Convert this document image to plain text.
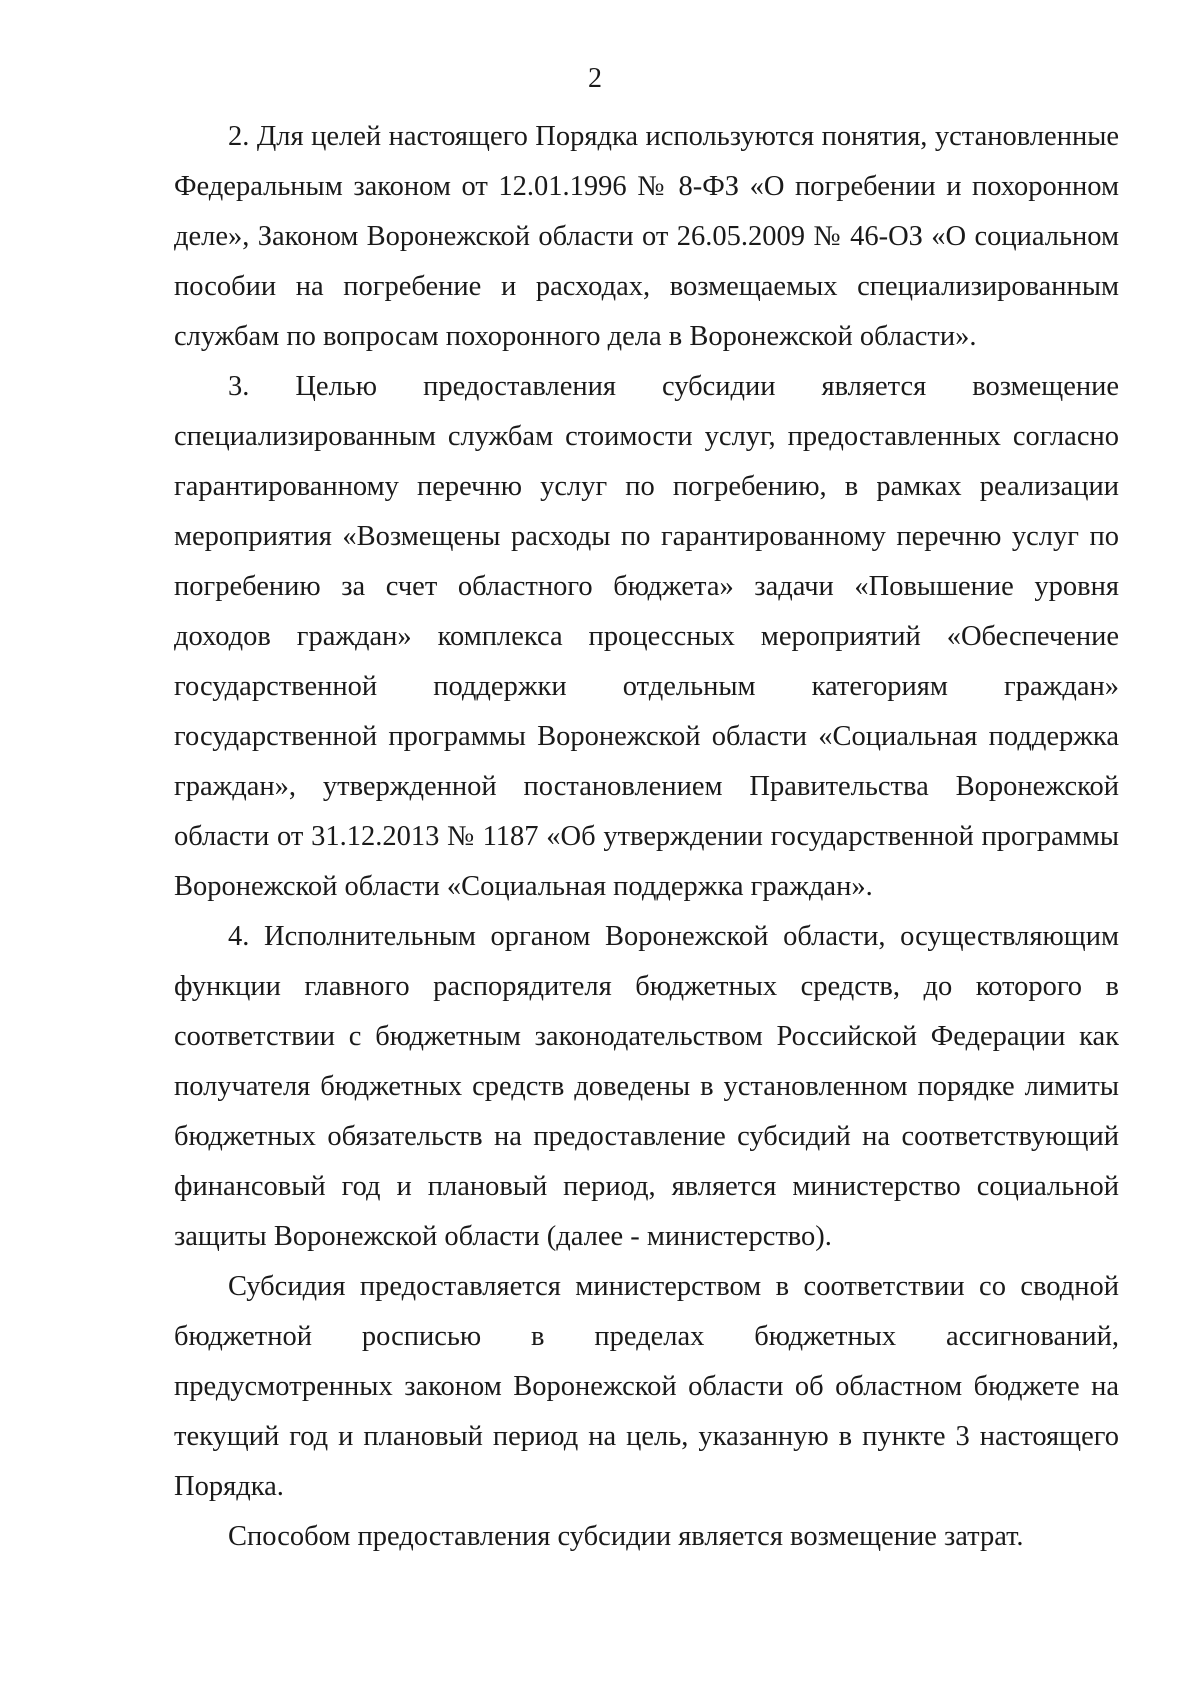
2

2. Для целей настоящего Порядка используются понятия, установленные Федеральным законом от 12.01.1996 № 8-ФЗ «О погребении и похоронном деле», Законом Воронежской области от 26.05.2009 № 46-ОЗ «О социальном пособии на погребение и расходах, возмещаемых специализированным службам по вопросам похоронного дела в Воронежской области».

3. Целью предоставления субсидии является возмещение специализированным службам стоимости услуг, предоставленных согласно гарантированному перечню услуг по погребению, в рамках реализации мероприятия «Возмещены расходы по гарантированному перечню услуг по погребению за счет областного бюджета» задачи «Повышение уровня доходов граждан» комплекса процессных мероприятий «Обеспечение государственной поддержки отдельным категориям граждан» государственной программы Воронежской области «Социальная поддержка граждан», утвержденной постановлением Правительства Воронежской области от 31.12.2013 № 1187 «Об утверждении государственной программы Воронежской области «Социальная поддержка граждан».

4. Исполнительным органом Воронежской области, осуществляющим функции главного распорядителя бюджетных средств, до которого в соответствии с бюджетным законодательством Российской Федерации как получателя бюджетных средств доведены в установленном порядке лимиты бюджетных обязательств на предоставление субсидий на соответствующий финансовый год и плановый период, является министерство социальной защиты Воронежской области (далее - министерство).

Субсидия предоставляется министерством в соответствии со сводной бюджетной росписью в пределах бюджетных ассигнований, предусмотренных законом Воронежской области об областном бюджете на текущий год и плановый период на цель, указанную в пункте 3 настоящего Порядка.

Способом предоставления субсидии является возмещение затрат.
